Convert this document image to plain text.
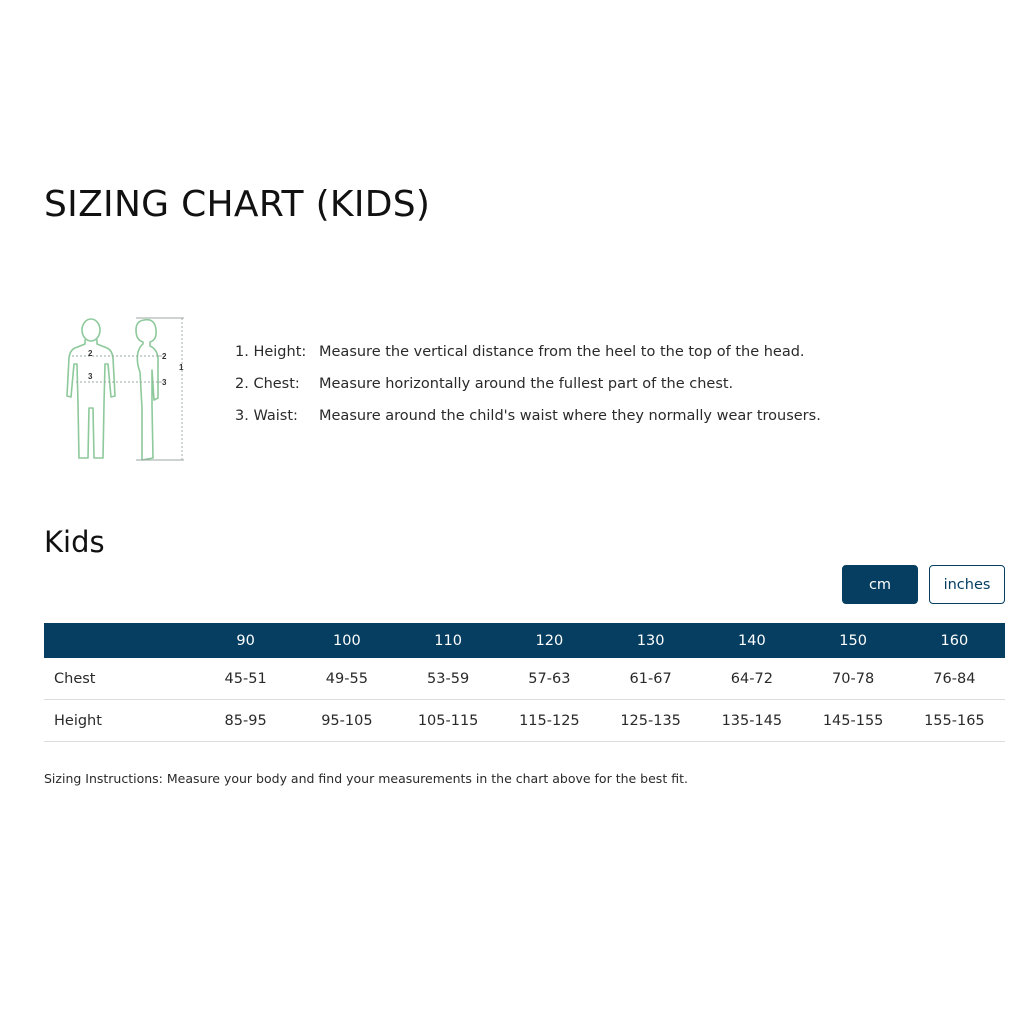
SIZING CHART (KIDS)
2
3
2
3
1
1. Height: Measure the vertical distance from the heel to the top of the head.
2. Chest:	Measure horizontally around the fullest part of the chest.
3. Waist:	Measure around the child's waist where they normally wear trousers.
Kids
cm	inches
	90	100	110	120	130	140	150	160
Chest	45-51	49-55	53-59	57-63	61-67	64-72	70-78	76-84
Height	85-95	95-105	105-115	115-125	125-135	135-145	145-155	155-165

Sizing Instructions: Measure your body and find your measurements in the chart above for the best fit.
